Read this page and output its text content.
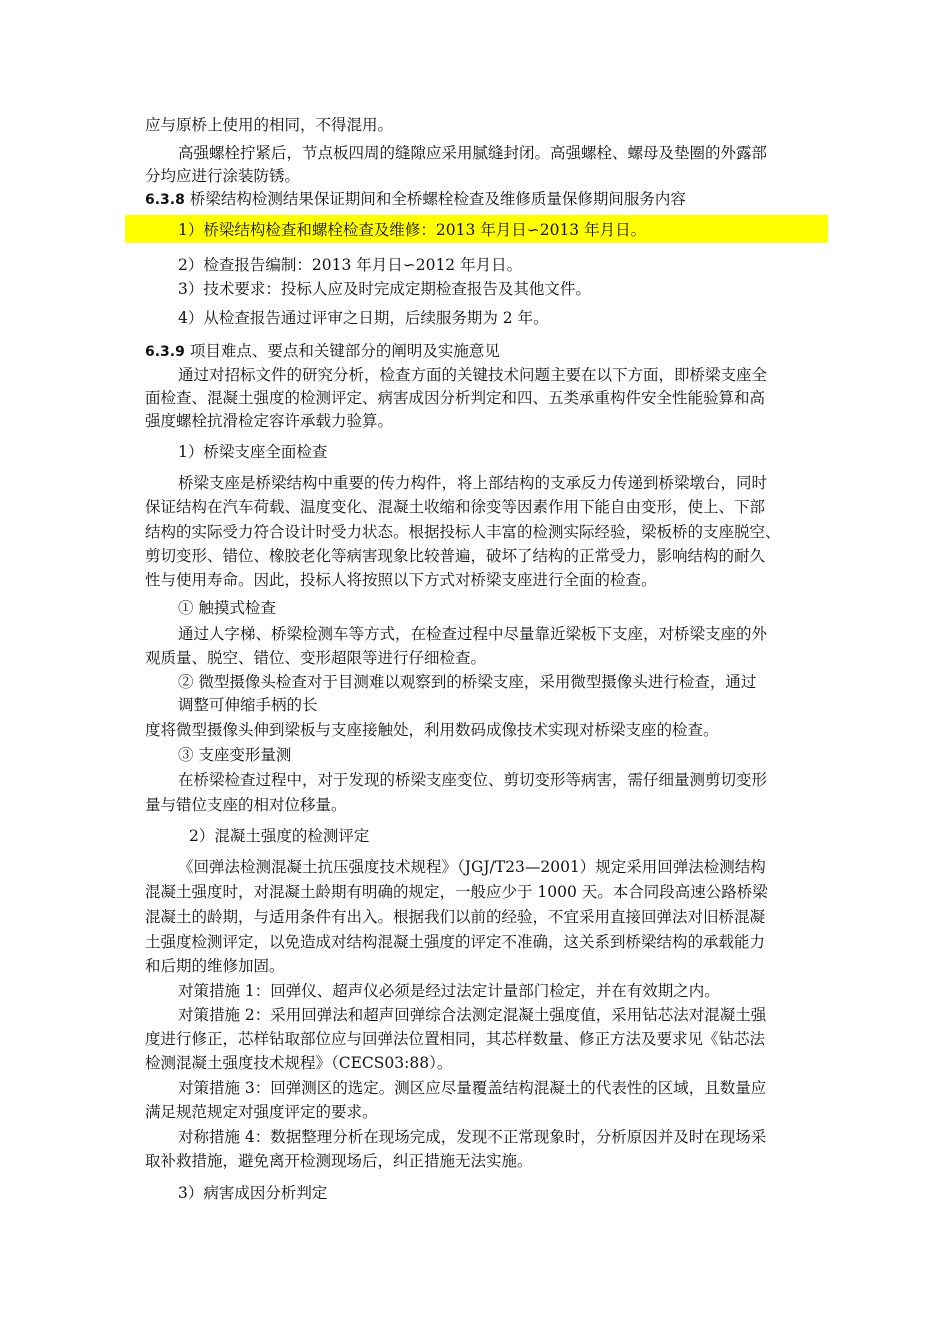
应与原桥上使用的相同，不得混用。
高强螺栓拧紧后，节点板四周的缝隙应采用腻缝封闭。高强螺栓、螺母及垫圈的外露部
分均应进行涂装防锈。
6.3.8 桥梁结构检测结果保证期间和全桥螺栓检查及维修质量保修期间服务内容
1）桥梁结构检查和螺栓检查及维修：2013 年月日∽2013 年月日。
2）检查报告编制：2013 年月日∽2012 年月日。
3）技术要求：投标人应及时完成定期检查报告及其他文件。
4）从检查报告通过评审之日期，后续服务期为 2 年。
6.3.9 项目难点、要点和关键部分的阐明及实施意见
通过对招标文件的研究分析，检查方面的关键技术问题主要在以下方面，即桥梁支座全
面检查、混凝土强度的检测评定、病害成因分析判定和四、五类承重构件安全性能验算和高
强度螺栓抗滑检定容许承载力验算。
1）桥梁支座全面检查
桥梁支座是桥梁结构中重要的传力构件，将上部结构的支承反力传递到桥梁墩台，同时
保证结构在汽车荷载、温度变化、混凝土收缩和徐变等因素作用下能自由变形，使上、下部
结构的实际受力符合设计时受力状态。根据投标人丰富的检测实际经验，梁板桥的支座脱空、
剪切变形、错位、橡胶老化等病害现象比较普遍，破坏了结构的正常受力，影响结构的耐久
性与使用寿命。因此，投标人将按照以下方式对桥梁支座进行全面的检查。
① 触摸式检查
通过人字梯、桥梁检测车等方式，在检查过程中尽量靠近梁板下支座，对桥梁支座的外
观质量、脱空、错位、变形超限等进行仔细检查。
② 微型摄像头检查对于目测难以观察到的桥梁支座，采用微型摄像头进行检查，通过
调整可伸缩手柄的长
度将微型摄像头伸到梁板与支座接触处，利用数码成像技术实现对桥梁支座的检查。
③ 支座变形量测
在桥梁检查过程中，对于发现的桥梁支座变位、剪切变形等病害，需仔细量测剪切变形
量与错位支座的相对位移量。
2）混凝土强度的检测评定
《回弹法检测混凝土抗压强度技术规程》（JGJ/T23—2001）规定采用回弹法检测结构
混凝土强度时，对混凝土龄期有明确的规定，一般应少于 1000 天。本合同段高速公路桥梁
混凝土的龄期，与适用条件有出入。根据我们以前的经验，不宜采用直接回弹法对旧桥混凝
土强度检测评定，以免造成对结构混凝土强度的评定不准确，这关系到桥梁结构的承载能力
和后期的维修加固。
对策措施 1：回弹仪、超声仪必须是经过法定计量部门检定，并在有效期之内。
对策措施 2：采用回弹法和超声回弹综合法测定混凝土强度值，采用钻芯法对混凝土强
度进行修正，芯样钻取部位应与回弹法位置相同，其芯样数量、修正方法及要求见《钻芯法
检测混凝土强度技术规程》（CECS03:88）。
对策措施 3：回弹测区的选定。测区应尽量覆盖结构混凝土的代表性的区域，且数量应
满足规范规定对强度评定的要求。
对称措施 4：数据整理分析在现场完成，发现不正常现象时，分析原因并及时在现场采
取补救措施，避免离开检测现场后，纠正措施无法实施。
3）病害成因分析判定
